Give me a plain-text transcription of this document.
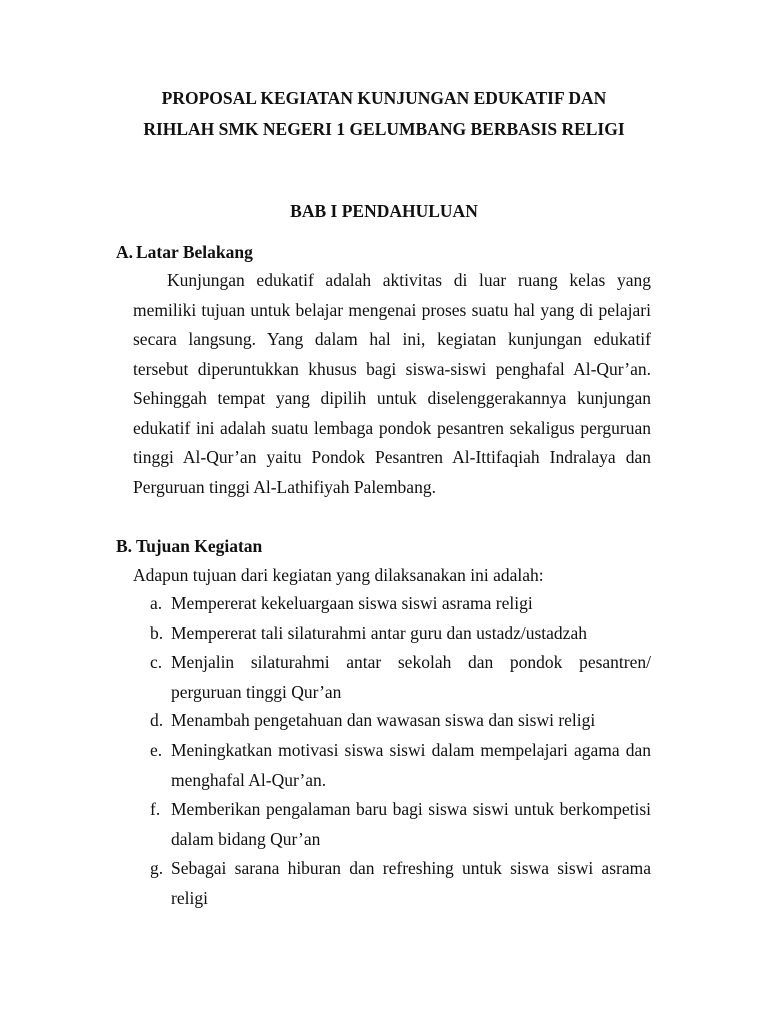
PROPOSAL KEGIATAN KUNJUNGAN EDUKATIF DAN
RIHLAH SMK NEGERI 1 GELUMBANG BERBASIS RELIGI
BAB I PENDAHULUAN
A. Latar Belakang

Kunjungan edukatif adalah aktivitas di luar ruang kelas yang memiliki tujuan untuk belajar mengenai proses suatu hal yang di pelajari secara langsung. Yang dalam hal ini, kegiatan kunjungan edukatif tersebut diperuntukkan khusus bagi siswa-siswi penghafal Al-Qur’an. Sehinggah tempat yang dipilih untuk diselenggerakannya kunjungan edukatif ini adalah suatu lembaga pondok pesantren sekaligus perguruan tinggi Al-Qur’an yaitu Pondok Pesantren Al-Ittifaqiah Indralaya dan Perguruan tinggi Al-Lathifiyah Palembang.

B. Tujuan Kegiatan

Adapun tujuan dari kegiatan yang dilaksanakan ini adalah:

a. Mempererat kekeluargaan siswa siswi asrama religi
b. Mempererat tali silaturahmi antar guru dan ustadz/ustadzah
c. Menjalin silaturahmi antar sekolah dan pondok pesantren/ perguruan tinggi Qur’an
d. Menambah pengetahuan dan wawasan siswa dan siswi religi
e. Meningkatkan motivasi siswa siswi dalam mempelajari agama dan menghafal Al-Qur’an.
f. Memberikan pengalaman baru bagi siswa siswi untuk berkompetisi dalam bidang Qur’an
g. Sebagai sarana hiburan dan refreshing untuk siswa siswi asrama religi
